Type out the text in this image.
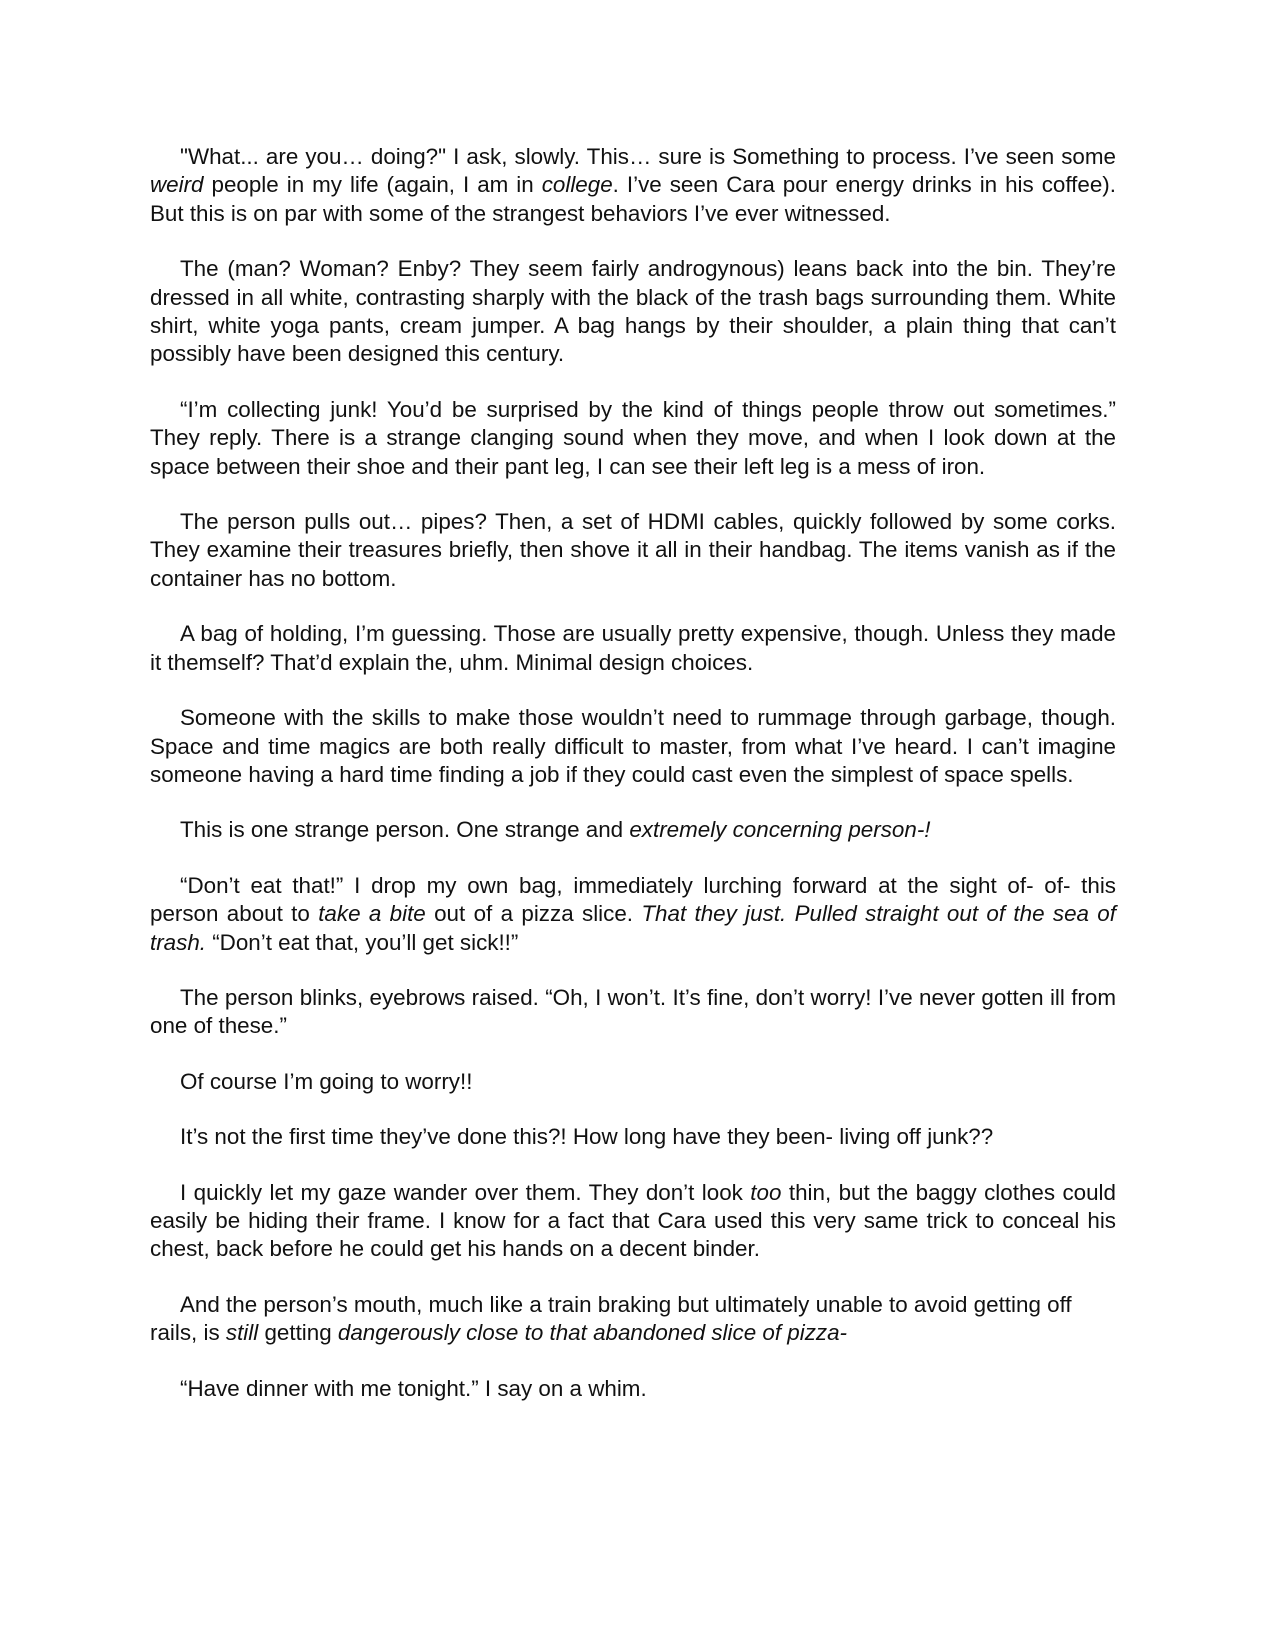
"What... are you… doing?" I ask, slowly. This… sure is Something to process. I’ve seen some weird people in my life (again, I am in college. I’ve seen Cara pour energy drinks in his coffee). But this is on par with some of the strangest behaviors I’ve ever witnessed.

The (man? Woman? Enby? They seem fairly androgynous) leans back into the bin. They’re dressed in all white, contrasting sharply with the black of the trash bags surrounding them. White shirt, white yoga pants, cream jumper. A bag hangs by their shoulder, a plain thing that can’t possibly have been designed this century.

“I’m collecting junk! You’d be surprised by the kind of things people throw out sometimes.” They reply. There is a strange clanging sound when they move, and when I look down at the space between their shoe and their pant leg, I can see their left leg is a mess of iron.

The person pulls out… pipes? Then, a set of HDMI cables, quickly followed by some corks. They examine their treasures briefly, then shove it all in their handbag. The items vanish as if the container has no bottom.

A bag of holding, I’m guessing. Those are usually pretty expensive, though. Unless they made it themself? That’d explain the, uhm. Minimal design choices.

Someone with the skills to make those wouldn’t need to rummage through garbage, though. Space and time magics are both really difficult to master, from what I’ve heard. I can’t imagine someone having a hard time finding a job if they could cast even the simplest of space spells.

This is one strange person. One strange and extremely concerning person-!

“Don’t eat that!” I drop my own bag, immediately lurching forward at the sight of- of- this person about to take a bite out of a pizza slice. That they just. Pulled straight out of the sea of trash. “Don’t eat that, you’ll get sick!!”

The person blinks, eyebrows raised. “Oh, I won’t. It’s fine, don’t worry! I’ve never gotten ill from one of these.”

Of course I’m going to worry!!

It’s not the first time they’ve done this?! How long have they been- living off junk??

I quickly let my gaze wander over them. They don’t look too thin, but the baggy clothes could easily be hiding their frame. I know for a fact that Cara used this very same trick to conceal his chest, back before he could get his hands on a decent binder.

And the person’s mouth, much like a train braking but ultimately unable to avoid getting off rails, is still getting dangerously close to that abandoned slice of pizza-

“Have dinner with me tonight.” I say on a whim.
